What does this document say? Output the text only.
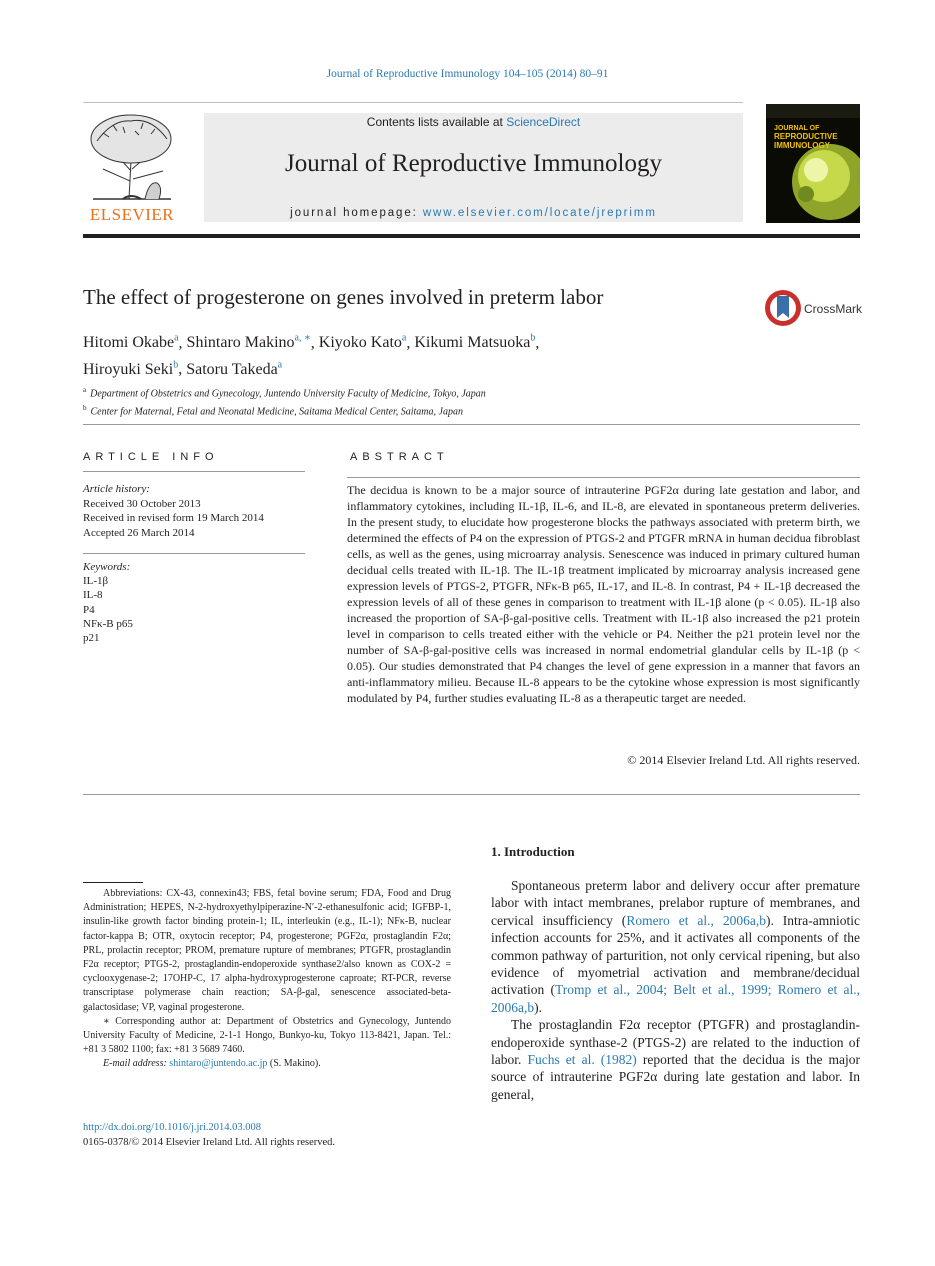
Journal of Reproductive Immunology 104–105 (2014) 80–91
ELSEVIER
Contents lists available at ScienceDirect
Journal of Reproductive Immunology
journal homepage: www.elsevier.com/locate/jreprimm
JOURNAL OF
REPRODUCTIVE
IMMUNOLOGY
The effect of progesterone on genes involved in preterm labor	CrossMark
Hitomi Okabe$^a$, Shintaro Makino$^{a, ∗}$, Kiyoko Kato$^a$, Kikumi Matsuoka$^b$,
Hiroyuki Seki$^b$, Satoru Takeda$^a$
$^a$ Department of Obstetrics and Gynecology, Juntendo University Faculty of Medicine, Tokyo, Japan
$^b$ Center for Maternal, Fetal and Neonatal Medicine, Saitama Medical Center, Saitama, Japan
ARTICLE INFO
Article history:
Received 30 October 2013
Received in revised form 19 March 2014
Accepted 26 March 2014
Keywords:
IL-1β
IL-8
P4
NFκ-B p65
p21
ABSTRACT
The decidua is known to be a major source of intrauterine PGF2α during late gestation and labor, and inflammatory cytokines, including IL-1β, IL-6, and IL-8, are elevated in spontaneous preterm deliveries. In the present study, to elucidate how progesterone blocks the pathways associated with preterm birth, we determined the effects of P4 on the expression of PTGS-2 and PTGFR mRNA in human decidua fibroblast cells, as well as the genes, using microarray analysis. Senescence was induced in primary cultured human decidual cells treated with IL-1β. The IL-1β treatment implicated by microarray analysis increased gene expression levels of PTGS-2, PTGFR, NFκ-B p65, IL-17, and IL-8. In contrast, P4 + IL-1β decreased the expression levels of all of these genes in comparison to treatment with IL-1β alone (p < 0.05). IL-1β also increased the proportion of SA-β-gal-positive cells. Treatment with IL-1β also increased the p21 protein level in comparison to cells treated either with the vehicle or P4. Neither the p21 protein level nor the number of SA-β-gal-positive cells was increased in normal endometrial glandular cells by IL-1β (p < 0.05). Our studies demonstrated that P4 changes the level of gene expression in a manner that favors an anti-inflammatory milieu. Because IL-8 appears to be the cytokine whose expression is most significantly modulated by P4, further studies evaluating IL-8 as a therapeutic target are needed.
© 2014 Elsevier Ireland Ltd. All rights reserved.
1. Introduction

Spontaneous preterm labor and delivery occur after premature labor with intact membranes, prelabor rupture of membranes, and cervical insufficiency (Romero et al., 2006a,b). Intra-amniotic infection accounts for 25%, and it activates all components of the common pathway of parturition, not only cervical ripening, but also evidence of myometrial activation and membrane/decidual activation (Tromp et al., 2004; Belt et al., 1999; Romero et al., 2006a,b).

The prostaglandin F2α receptor (PTGFR) and prostaglandin-endoperoxide synthase-2 (PTGS-2) are related to the induction of labor. Fuchs et al. (1982) reported that the decidua is the major source of intrauterine PGF2α during late gestation and labor. In general,

Abbreviations: CX-43, connexin43; FBS, fetal bovine serum; FDA, Food and Drug Administration; HEPES, N-2-hydroxyethylpiperazine-N′-2-ethanesulfonic acid; IGFBP-1, insulin-like growth factor binding protein-1; IL, interleukin (e.g., IL-1); NFκ-B, nuclear factor-kappa B; OTR, oxytocin receptor; P4, progesterone; PGF2α, prostaglandin F2α; PRL, prolactin receptor; PROM, premature rupture of membranes; PTGFR, prostaglandin F2α receptor; PTGS-2, prostaglandin-endoperoxide synthase2/also known as COX-2 = cyclooxygenase-2; 17OHP-C, 17 alpha-hydroxyprogesterone caproate; RT-PCR, reverse transcriptase polymerase chain reaction; SA-β-gal, senescence associated-beta-galactosidase; VP, vaginal progesterone.

∗ Corresponding author at: Department of Obstetrics and Gynecology, Juntendo University Faculty of Medicine, 2-1-1 Hongo, Bunkyo-ku, Tokyo 113-8421, Japan. Tel.: +81 3 5802 1100; fax: +81 3 5689 7460.

E-mail address: shintaro@juntendo.ac.jp (S. Makino).

http://dx.doi.org/10.1016/j.jri.2014.03.008
0165-0378/© 2014 Elsevier Ireland Ltd. All rights reserved.
